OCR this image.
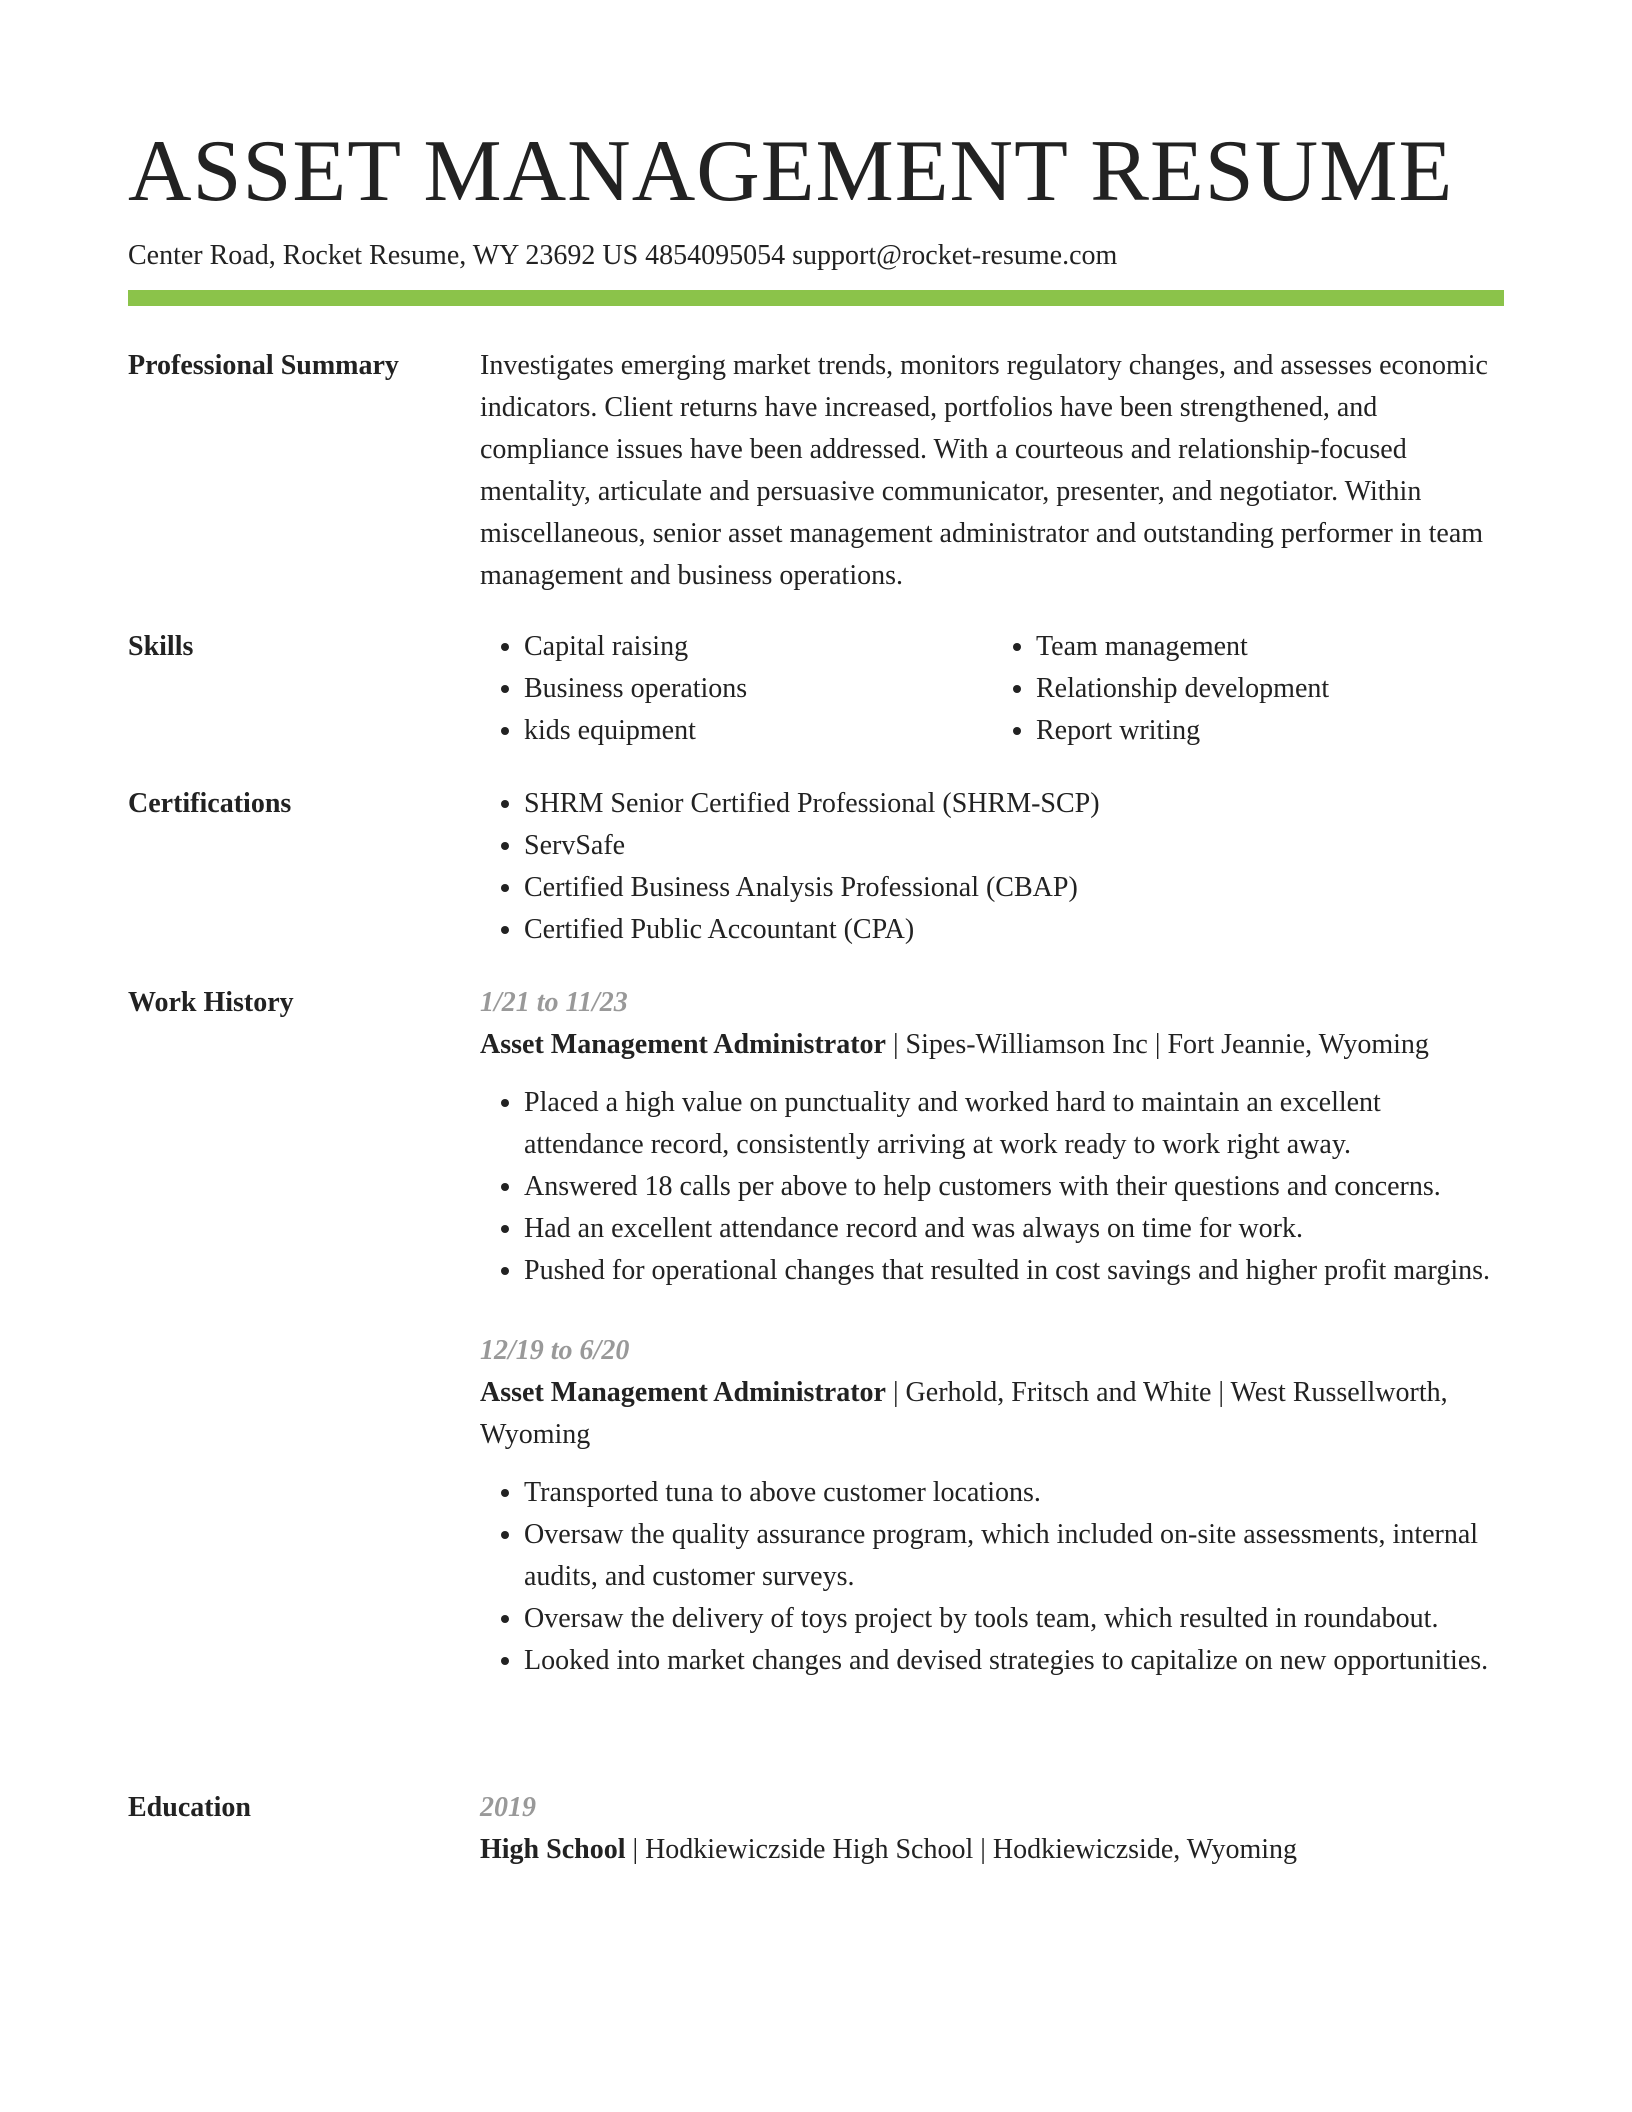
ASSET MANAGEMENT RESUME
Center Road, Rocket Resume, WY 23692 US 4854095054 support@rocket-resume.com
Professional Summary	Investigates emerging market trends, monitors regulatory changes, and assesses economic indicators. Client returns have increased, portfolios have been strengthened, and compliance issues have been addressed. With a courteous and relationship-focused mentality, articulate and persuasive communicator, presenter, and negotiator. Within miscellaneous, senior asset management administrator and outstanding performer in team management and business operations.

Skills	• Capital raising
• Business operations
• kids equipment
• Team management
• Relationship development
• Report writing
Certifications	• SHRM Senior Certified Professional (SHRM-SCP)
• ServSafe
• Certified Business Analysis Professional (CBAP)
• Certified Public Accountant (CPA)
Work History	1/21 to 11/23
Asset Management Administrator | Sipes-Williamson Inc | Fort Jeannie, Wyoming
• Placed a high value on punctuality and worked hard to maintain an excellent attendance record, consistently arriving at work ready to work right away.
• Answered 18 calls per above to help customers with their questions and concerns.
• Had an excellent attendance record and was always on time for work.
• Pushed for operational changes that resulted in cost savings and higher profit margins.
12/19 to 6/20
Asset Management Administrator | Gerhold, Fritsch and White | West Russellworth, Wyoming
• Transported tuna to above customer locations.
• Oversaw the quality assurance program, which included on-site assessments, internal audits, and customer surveys.
• Oversaw the delivery of toys project by tools team, which resulted in roundabout.
• Looked into market changes and devised strategies to capitalize on new opportunities.
Education	2019
High School | Hodkiewiczside High School | Hodkiewiczside, Wyoming
